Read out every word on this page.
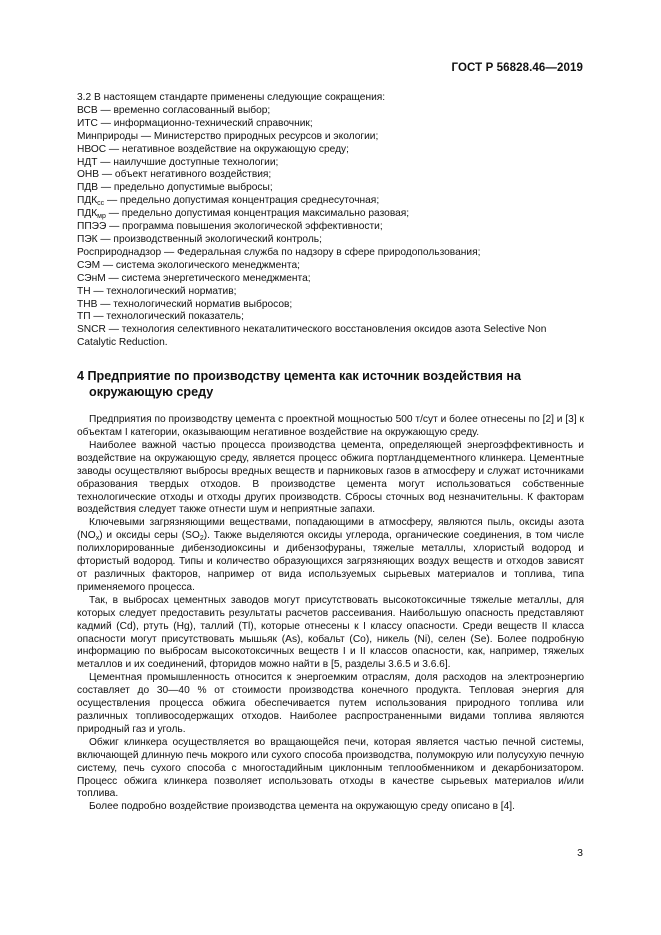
ГОСТ Р 56828.46—2019
3.2 В настоящем стандарте применены следующие сокращения:
ВСВ — временно согласованный выбор;
ИТС — информационно-технический справочник;
Минприроды — Министерство природных ресурсов и экологии;
НВОС — негативное воздействие на окружающую среду;
НДТ — наилучшие доступные технологии;
ОНВ — объект негативного воздействия;
ПДВ — предельно допустимые выбросы;
$ПДК_{сс}$ — предельно допустимая концентрация среднесуточная;
$ПДК_{мр}$ — предельно допустимая концентрация максимально разовая;
ППЭЭ — программа повышения экологической эффективности;
ПЭК — производственный экологический контроль;
Росприроднадзор — Федеральная служба по надзору в сфере природопользования;
СЭМ — система экологического менеджмента;
СЭнМ — система энергетического менеджмента;
ТН — технологический норматив;
ТНВ — технологический норматив выбросов;
ТП — технологический показатель;
SNCR — технология селективного некаталитического восстановления оксидов азота Selective Non Catalytic Reduction.
4 Предприятие по производству цемента как источник воздействия на окружающую среду

Предприятия по производству цемента с проектной мощностью 500 т/сут и более отнесены по [2] и [3] к объектам I категории, оказывающим негативное воздействие на окружающую среду.

Наиболее важной частью процесса производства цемента, определяющей энергоэффективность и воздействие на окружающую среду, является процесс обжига портландцементного клинкера. Цементные заводы осуществляют выбросы вредных веществ и парниковых газов в атмосферу и служат источниками образования твердых отходов. В производстве цемента могут использоваться собственные технологические отходы и отходы других производств. Сбросы сточных вод незначительны. К факторам воздействия следует также отнести шум и неприятные запахи.

Ключевыми загрязняющими веществами, попадающими в атмосферу, являются пыль, оксиды азота $(NO_x)$ и оксиды серы $(SO_2)$. Также выделяются оксиды углерода, органические соединения, в том числе полихлорированные дибензодиоксины и дибензофураны, тяжелые металлы, хлористый водород и фтористый водород. Типы и количество образующихся загрязняющих воздух веществ и отходов зависят от различных факторов, например от вида используемых сырьевых материалов и топлива, типа применяемого процесса.

Так, в выбросах цементных заводов могут присутствовать высокотоксичные тяжелые металлы, для которых следует предоставить результаты расчетов рассеивания. Наибольшую опасность представляют кадмий (Cd), ртуть (Hg), таллий (Tl), которые отнесены к I классу опасности. Среди веществ II класса опасности могут присутствовать мышьяк (As), кобальт (Co), никель (Ni), селен (Se). Более подробную информацию по выбросам высокотоксичных веществ I и II классов опасности, как, например, тяжелых металлов и их соединений, фторидов можно найти в [5, разделы 3.6.5 и 3.6.6].

Цементная промышленность относится к энергоемким отраслям, доля расходов на электроэнергию составляет до 30—40 % от стоимости производства конечного продукта. Тепловая энергия для осуществления процесса обжига обеспечивается путем использования природного топлива или различных топливосодержащих отходов. Наиболее распространенными видами топлива являются природный газ и уголь.

Обжиг клинкера осуществляется во вращающейся печи, которая является частью печной системы, включающей длинную печь мокрого или сухого способа производства, полумокрую или полусухую печную систему, печь сухого способа с многостадийным циклонным теплообменником и декарбонизатором. Процесс обжига клинкера позволяет использовать отходы в качестве сырьевых материалов и/или топлива.

Более подробно воздействие производства цемента на окружающую среду описано в [4].

3
